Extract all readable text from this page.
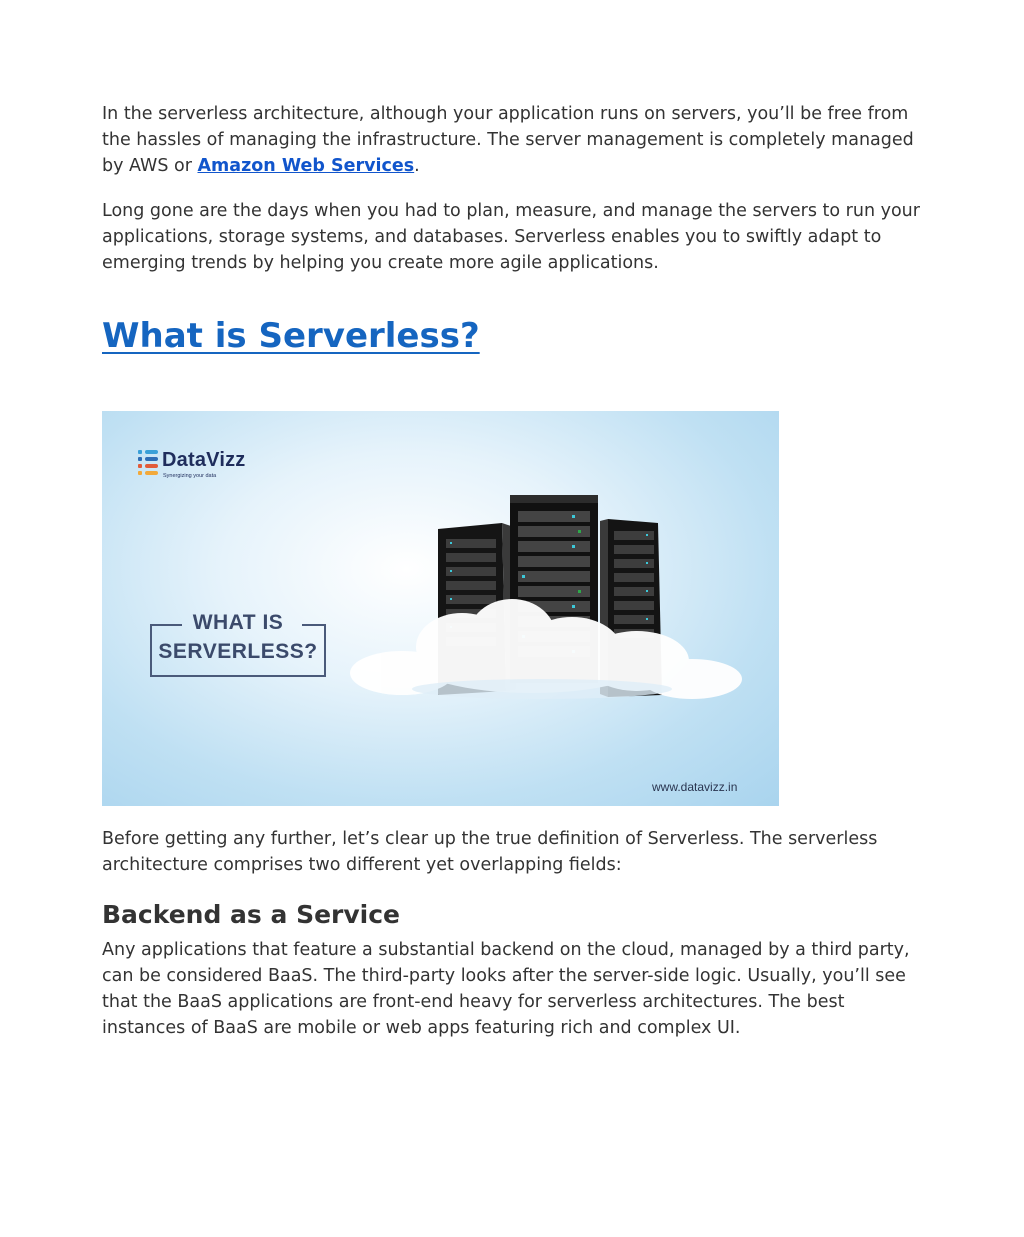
In the serverless architecture, although your application runs on servers, you’ll be free from the hassles of managing the infrastructure. The server management is completely managed by AWS or Amazon Web Services.

Long gone are the days when you had to plan, measure, and manage the servers to run your applications, storage systems, and databases. Serverless enables you to swiftly adapt to emerging trends by helping you create more agile applications.

What is Serverless?
DataVizz
Synergizing your data
WHAT IS
SERVERLESS?
www.datavizz.in

Before getting any further, let’s clear up the true definition of Serverless. The serverless architecture comprises two different yet overlapping fields:

Backend as a Service

Any applications that feature a substantial backend on the cloud, managed by a third party, can be considered BaaS. The third-party looks after the server-side logic. Usually, you’ll see that the BaaS applications are front-end heavy for serverless architectures. The best instances of BaaS are mobile or web apps featuring rich and complex UI.
